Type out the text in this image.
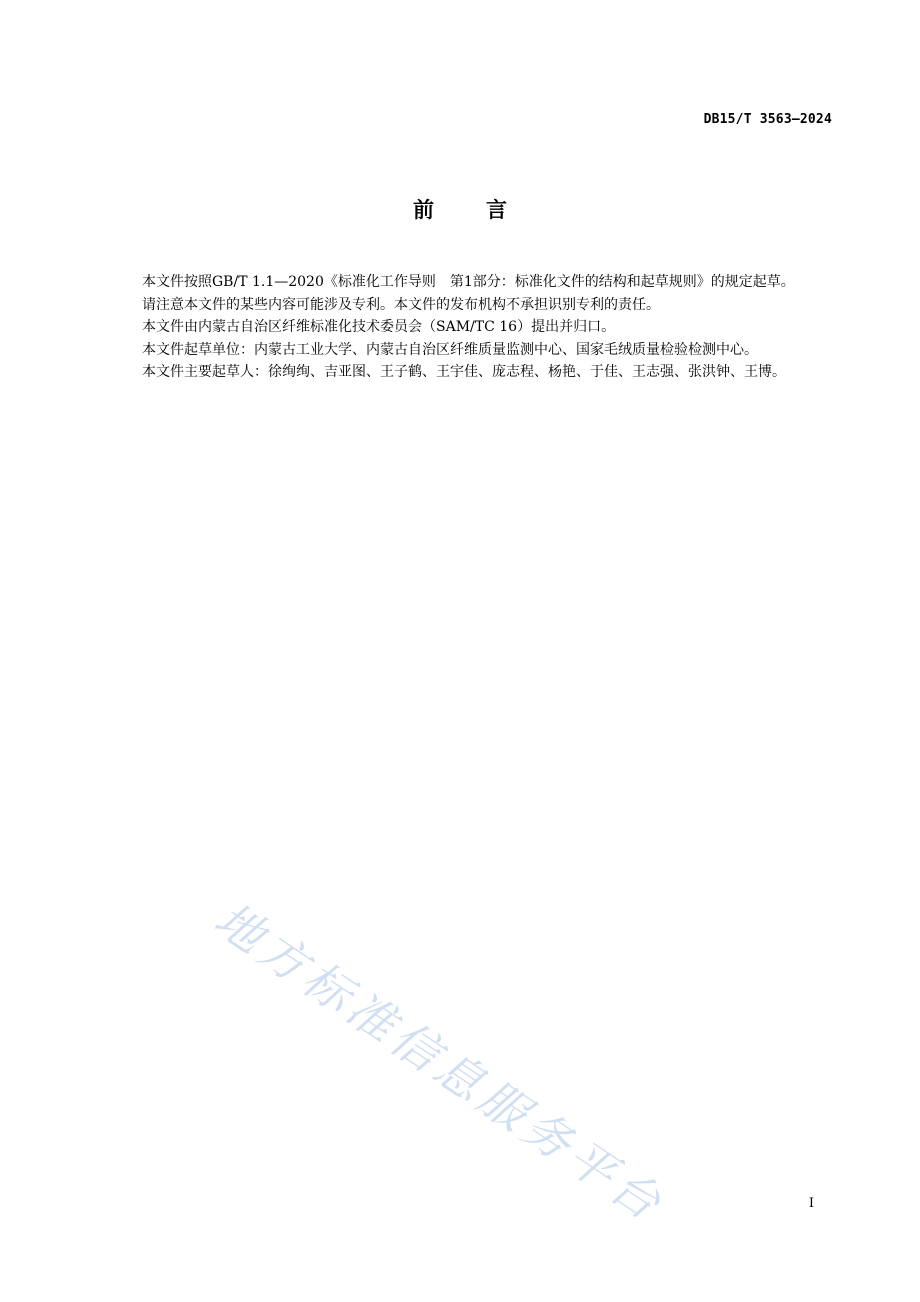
DB15/T 3563—2024
前言

本文件按照GB/T 1.1—2020《标准化工作导则　第1部分：标准化文件的结构和起草规则》的规定起草。

请注意本文件的某些内容可能涉及专利。本文件的发布机构不承担识别专利的责任。

本文件由内蒙古自治区纤维标准化技术委员会（SAM/TC 16）提出并归口。

本文件起草单位：内蒙古工业大学、内蒙古自治区纤维质量监测中心、国家毛绒质量检验检测中心。

本文件主要起草人：徐绚绚、吉亚图、王子鹤、王宇佳、庞志程、杨艳、于佳、王志强、张洪钟、王博。

地方标准信息服务平台	I
